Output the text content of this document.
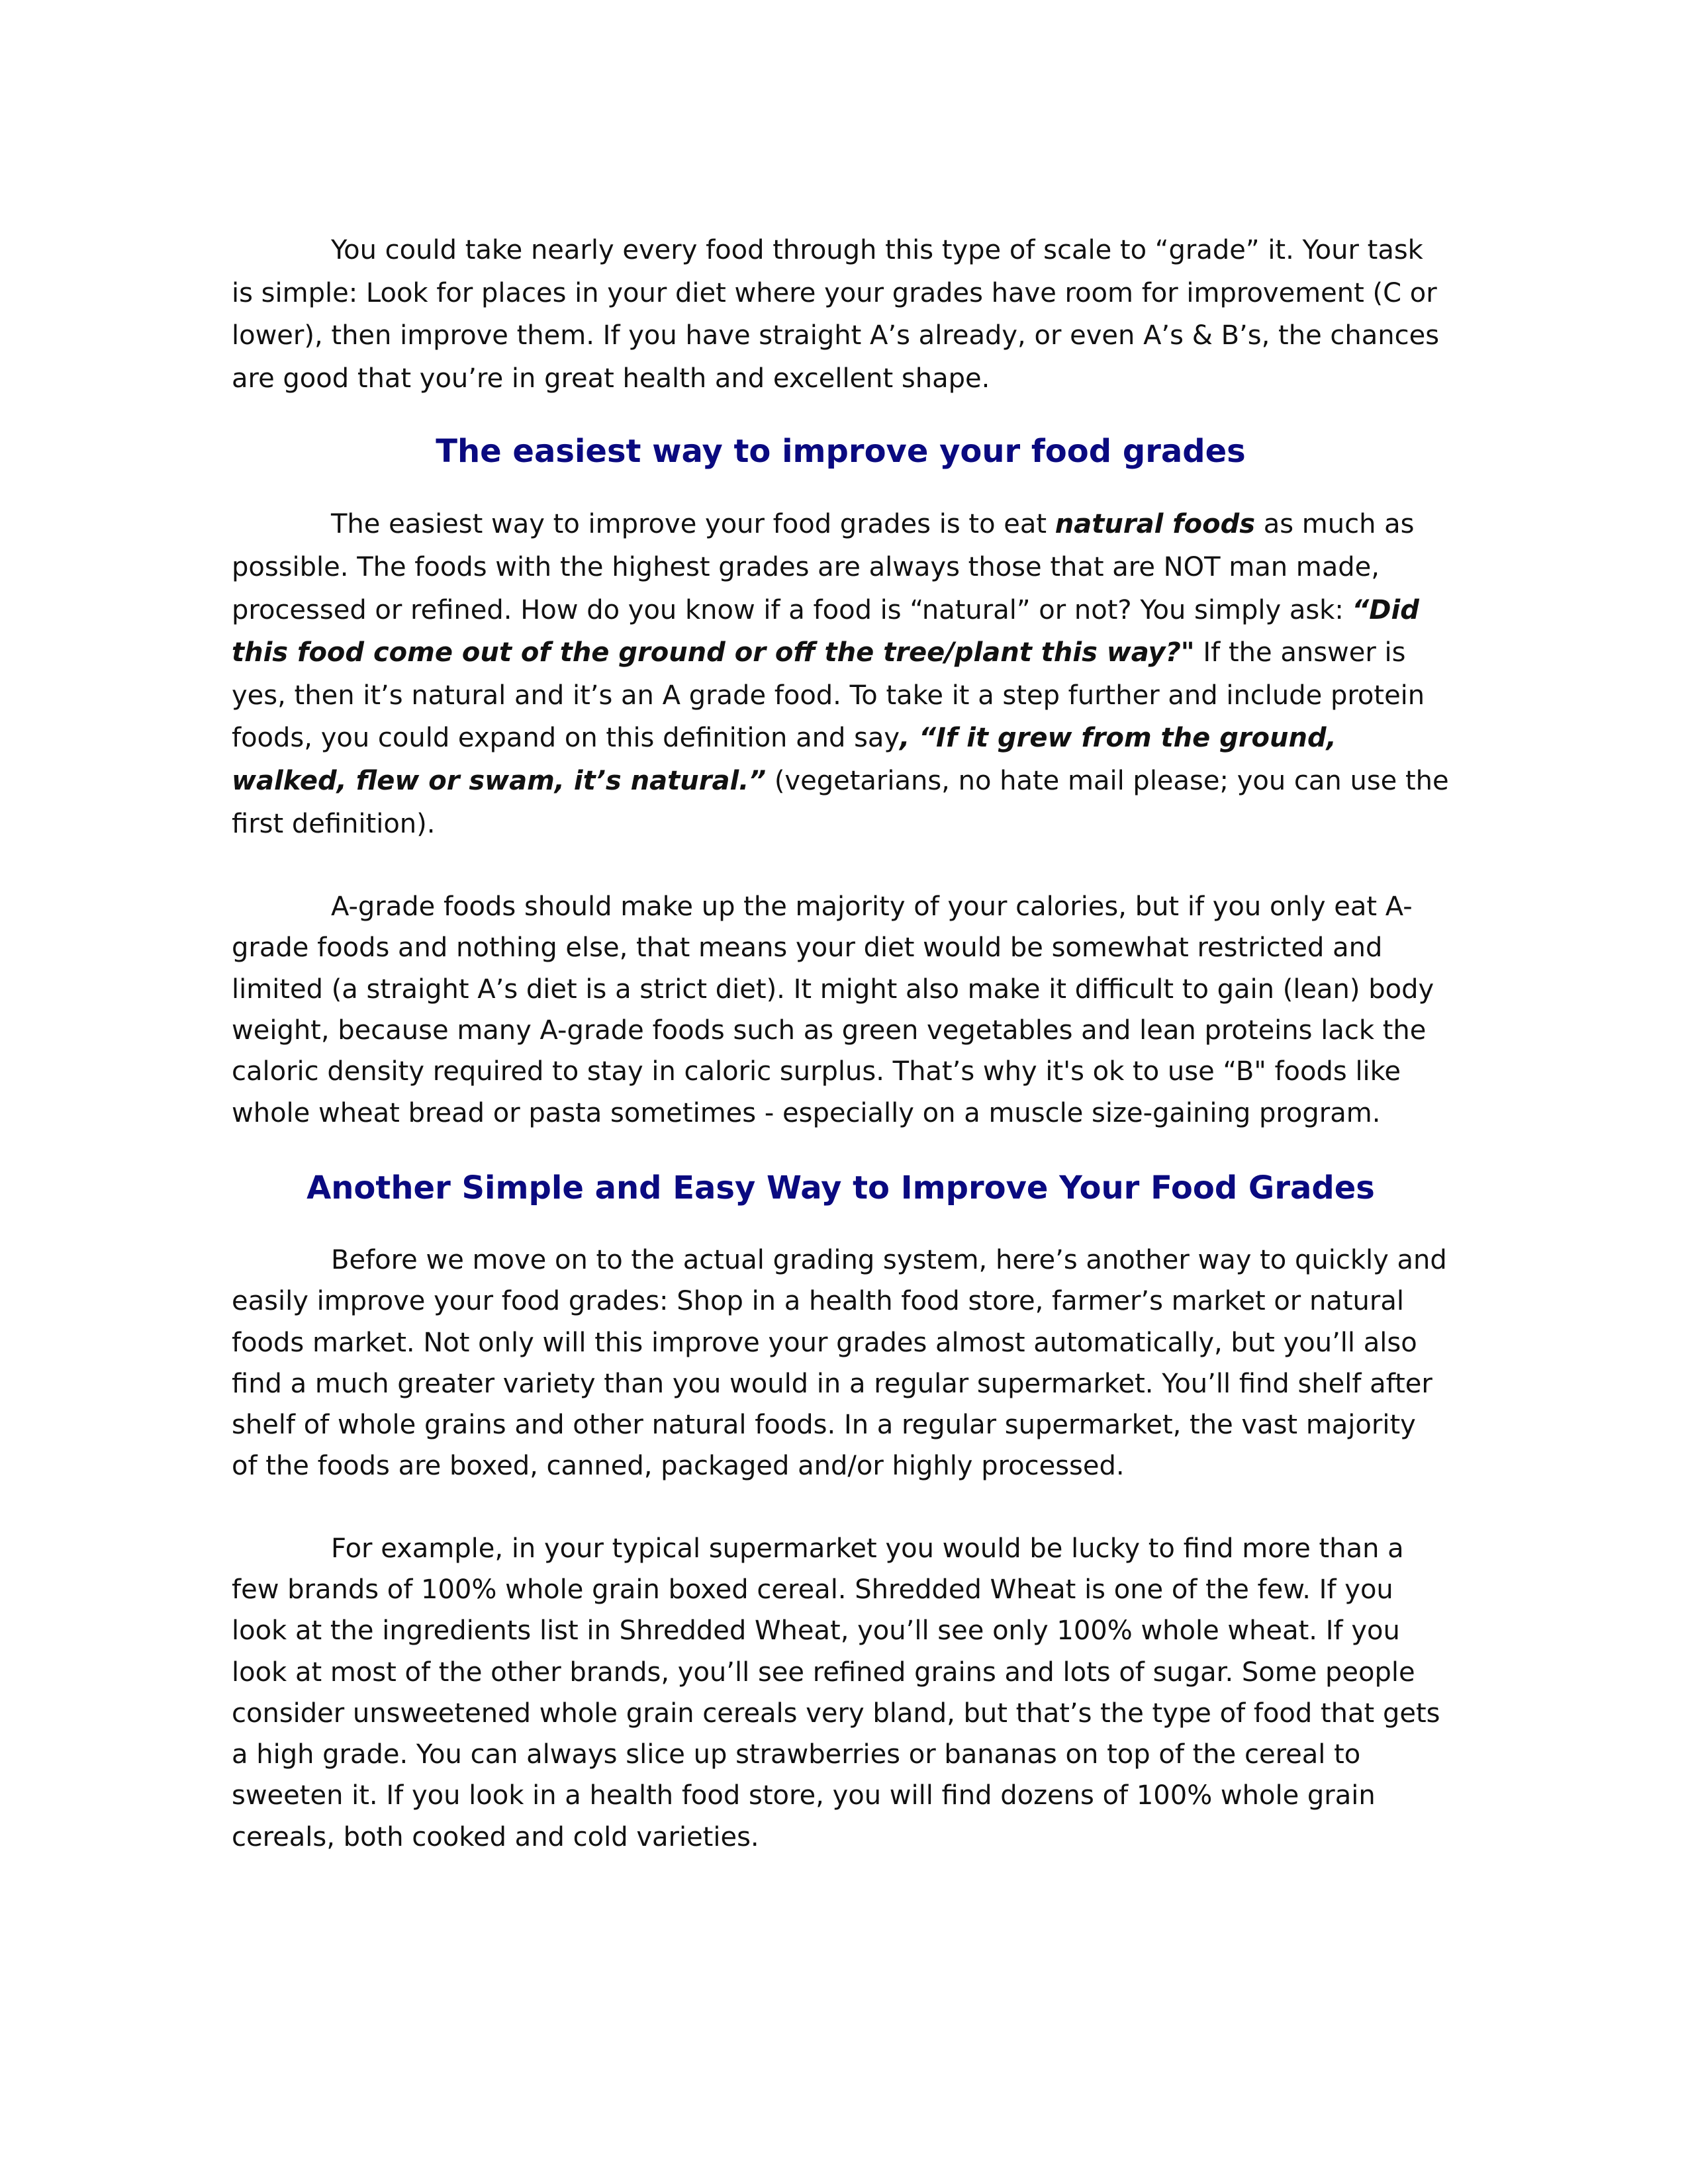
You could take nearly every food through this type of scale to “grade” it. Your task is simple: Look for places in your diet where your grades have room for improvement (C or lower), then improve them. If you have straight A’s already, or even A’s & B’s, the chances are good that you’re in great health and excellent shape.

The easiest way to improve your food grades

The easiest way to improve your food grades is to eat natural foods as much as possible. The foods with the highest grades are always those that are NOT man made, processed or refined. How do you know if a food is “natural” or not? You simply ask: “Did this food come out of the ground or off the tree/plant this way?" If the answer is yes, then it’s natural and it’s an A grade food. To take it a step further and include protein foods, you could expand on this definition and say, “If it grew from the ground, walked, flew or swam, it’s natural.” (vegetarians, no hate mail please; you can use the first definition).

A-grade foods should make up the majority of your calories, but if you only eat A-grade foods and nothing else, that means your diet would be somewhat restricted and limited (a straight A’s diet is a strict diet). It might also make it difficult to gain (lean) body weight, because many A-grade foods such as green vegetables and lean proteins lack the caloric density required to stay in caloric surplus. That’s why it's ok to use “B" foods like whole wheat bread or pasta sometimes - especially on a muscle size-gaining program.

Another Simple and Easy Way to Improve Your Food Grades

Before we move on to the actual grading system, here’s another way to quickly and easily improve your food grades: Shop in a health food store, farmer’s market or natural foods market. Not only will this improve your grades almost automatically, but you’ll also find a much greater variety than you would in a regular supermarket. You’ll find shelf after shelf of whole grains and other natural foods. In a regular supermarket, the vast majority of the foods are boxed, canned, packaged and/or highly processed.

For example, in your typical supermarket you would be lucky to find more than a few brands of 100% whole grain boxed cereal. Shredded Wheat is one of the few. If you look at the ingredients list in Shredded Wheat, you’ll see only 100% whole wheat. If you look at most of the other brands, you’ll see refined grains and lots of sugar. Some people consider unsweetened whole grain cereals very bland, but that’s the type of food that gets a high grade. You can always slice up strawberries or bananas on top of the cereal to sweeten it. If you look in a health food store, you will find dozens of 100% whole grain cereals, both cooked and cold varieties.
